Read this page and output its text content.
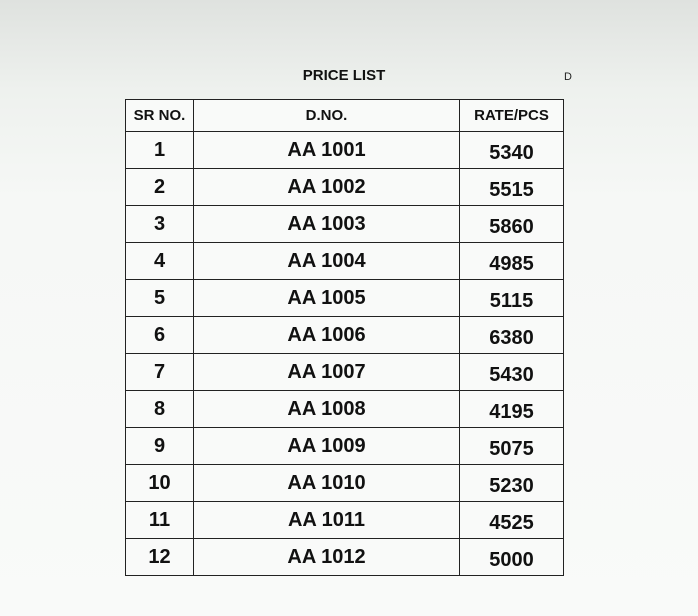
PRICE LIST	D
SR NO.	D.NO.	RATE/PCS
1	AA 1001	5340
2	AA 1002	5515
3	AA 1003	5860
4	AA 1004	4985
5	AA 1005	5115
6	AA 1006	6380
7	AA 1007	5430
8	AA 1008	4195
9	AA 1009	5075
10	AA 1010	5230
11	AA 1011	4525
12	AA 1012	5000
